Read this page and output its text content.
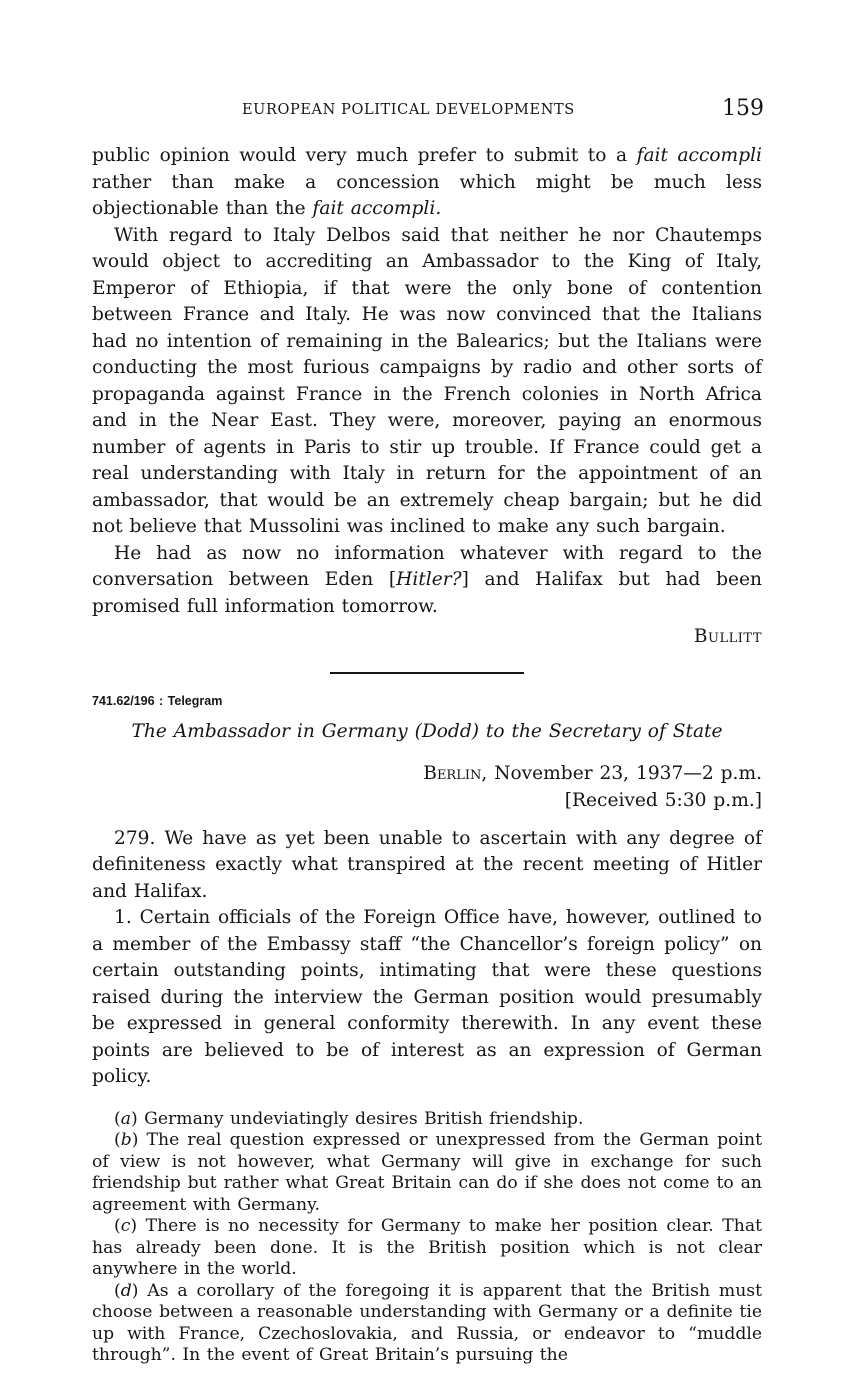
EUROPEAN POLITICAL DEVELOPMENTS	159

public opinion would very much prefer to submit to a fait accompli rather than make a concession which might be much less objectionable than the fait accompli.

With regard to Italy Delbos said that neither he nor Chautemps would object to accrediting an Ambassador to the King of Italy, Emperor of Ethiopia, if that were the only bone of contention between France and Italy. He was now convinced that the Italians had no intention of remaining in the Balearics; but the Italians were conducting the most furious campaigns by radio and other sorts of propaganda against France in the French colonies in North Africa and in the Near East. They were, moreover, paying an enormous number of agents in Paris to stir up trouble. If France could get a real understanding with Italy in return for the appointment of an ambassador, that would be an extremely cheap bargain; but he did not believe that Mussolini was inclined to make any such bargain.

He had as now no information whatever with regard to the conversation between Eden [Hitler?] and Halifax but had been promised full information tomorrow.

Bullitt

741.62/196 : Telegram
The Ambassador in Germany (Dodd) to the Secretary of State
Berlin, November 23, 1937—2 p.m.
[Received 5:30 p.m.]

279. We have as yet been unable to ascertain with any degree of definiteness exactly what transpired at the recent meeting of Hitler and Halifax.

1. Certain officials of the Foreign Office have, however, outlined to a member of the Embassy staff “the Chancellor’s foreign policy” on certain outstanding points, intimating that were these questions raised during the interview the German position would presumably be expressed in general conformity therewith. In any event these points are believed to be of interest as an expression of German policy.

(a) Germany undeviatingly desires British friendship.

(b) The real question expressed or unexpressed from the German point of view is not however, what Germany will give in exchange for such friendship but rather what Great Britain can do if she does not come to an agreement with Germany.

(c) There is no necessity for Germany to make her position clear. That has already been done. It is the British position which is not clear anywhere in the world.

(d) As a corollary of the foregoing it is apparent that the British must choose between a reasonable understanding with Germany or a definite tie up with France, Czechoslovakia, and Russia, or endeavor to “muddle through”. In the event of Great Britain’s pursuing the
